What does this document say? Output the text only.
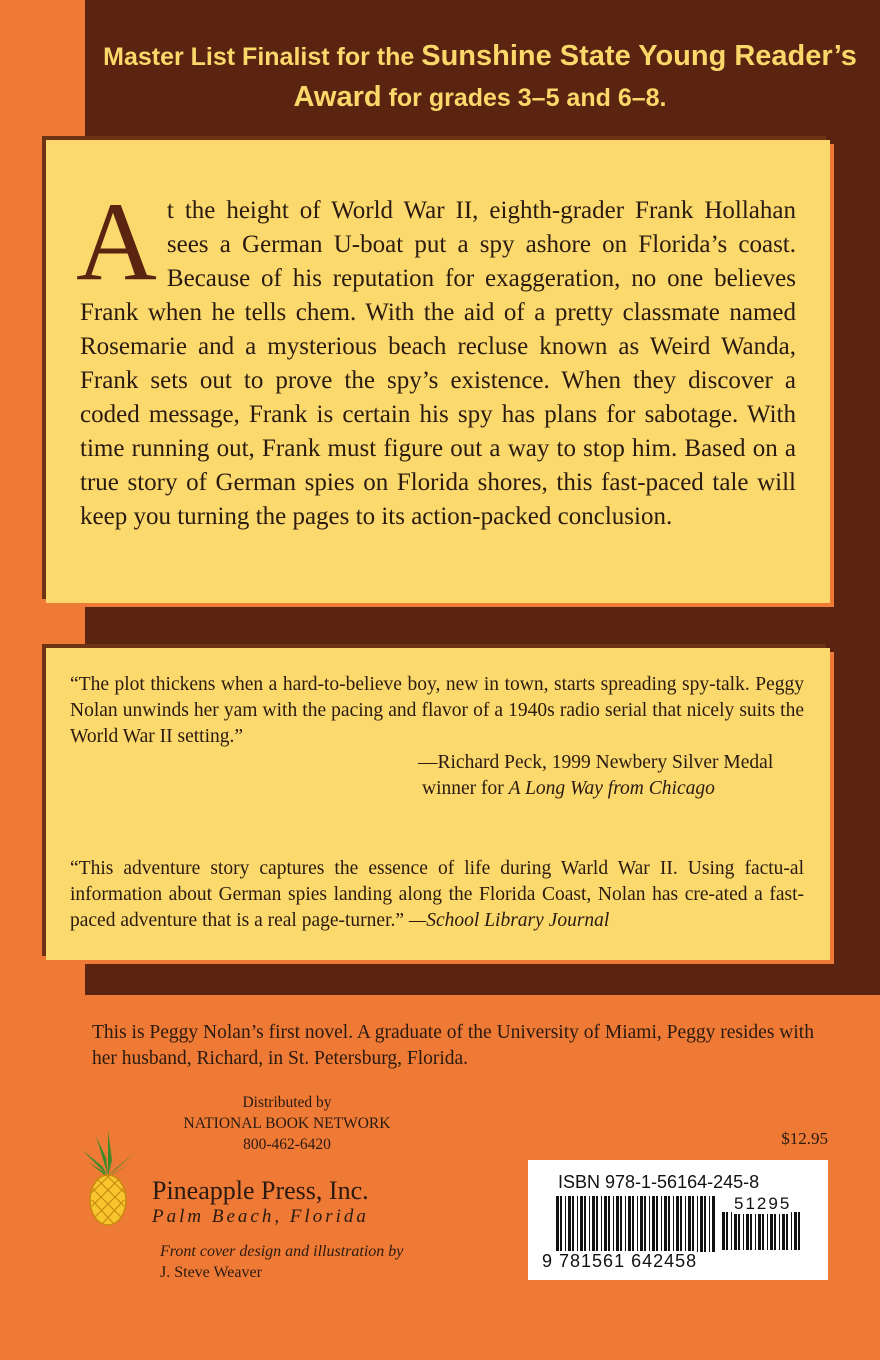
Master List Finalist for the Sunshine State Young Reader’s Award for grades 3–5 and 6–8.
At the height of World War II, eighth-grader Frank Hollahan sees a German U-boat put a spy ashore on Florida’s coast. Because of his reputation for exaggeration, no one believes Frank when he tells chem. With the aid of a pretty classmate named Rosemarie and a mysterious beach recluse known as Weird Wanda, Frank sets out to prove the spy’s existence. When they discover a coded message, Frank is certain his spy has plans for sabotage. With time running out, Frank must figure out a way to stop him. Based on a true story of German spies on Florida shores, this fast-paced tale will keep you turning the pages to its action-packed conclusion.
“The plot thickens when a hard-to-believe boy, new in town, starts spreading spy-talk. Peggy Nolan unwinds her yam with the pacing and flavor of a 1940s radio serial that nicely suits the World War II setting.”
—Richard Peck, 1999 Newbery Silver Medal
winner for A Long Way from Chicago
“This adventure story captures the essence of life during Warld War II. Using factu-al information about German spies landing along the Florida Coast, Nolan has cre-ated a fast-paced adventure that is a real page-turner.” —School Library Journal
This is Peggy Nolan’s first novel. A graduate of the University of Miami, Peggy resides with her husband, Richard, in St. Petersburg, Florida.
Distributed by
NATIONAL BOOK NETWORK
800-462-6420
Pineapple Press, Inc.
Palm Beach, Florida
Front cover design and illustration by
J. Steve Weaver
$12.95
ISBN 978-1-56164-245-8
51295
9 781561 642458
